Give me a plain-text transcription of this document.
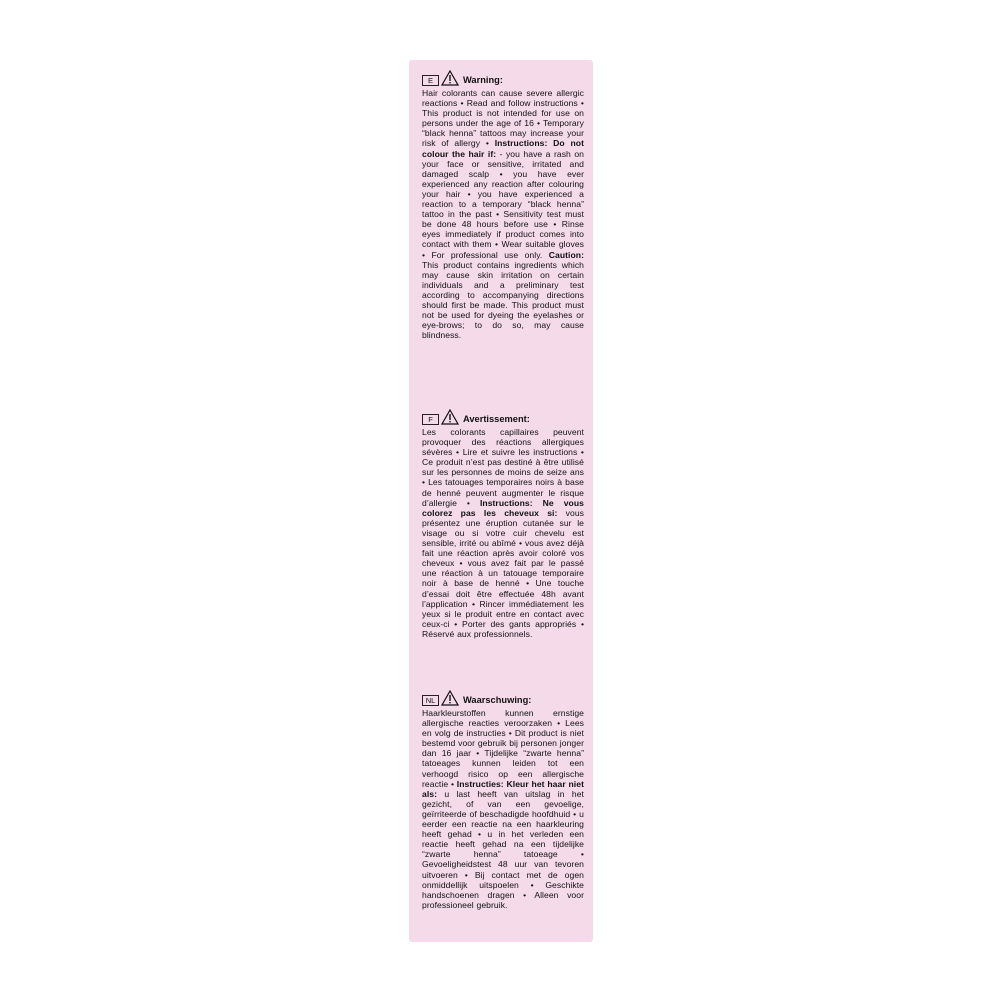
E	Warning:
Hair colorants can cause severe allergic reactions • Read and follow instructions • This product is not intended for use on persons under the age of 16 • Temporary “black henna” tattoos may increase your risk of allergy • Instructions: Do not colour the hair if: - you have a rash on your face or sensitive, irritated and damaged scalp • you have ever experienced any reaction after colouring your hair • you have experienced a reaction to a temporary “black henna” tattoo in the past • Sensitivity test must be done 48 hours before use • Rinse eyes immediately if product comes into contact with them • Wear suitable gloves • For professional use only. Caution: This product contains ingredients which may cause skin irritation on certain individuals and a preliminary test according to accompanying directions should first be made. This product must not be used for dyeing the eyelashes or eye-brows; to do so, may cause blindness.
F	Avertissement:
Les colorants capillaires peuvent provoquer des réactions allergiques sévères • Lire et suivre les instructions • Ce produit n’est pas destiné à être utilisé sur les personnes de moins de seize ans • Les tatouages temporaires noirs à base de henné peuvent augmenter le risque d’allergie • Instructions: Ne vous colorez pas les cheveux si: vous présentez une éruption cutanée sur le visage ou si votre cuir chevelu est sensible, irrité ou abîmé • vous avez déjà fait une réaction après avoir coloré vos cheveux • vous avez fait par le passé une réaction à un tatouage temporaire noir à base de henné • Une touche d’essai doit être effectuée 48h avant l’application • Rincer immédiatement les yeux si le produit entre en contact avec ceux-ci • Porter des gants appropriés • Réservé aux professionnels.
NL	Waarschuwing:
Haarkleurstoffen kunnen ernstige allergische reacties veroorzaken • Lees en volg de instructies • Dit product is niet bestemd voor gebruik bij personen jonger dan 16 jaar • Tijdelijke “zwarte henna” tatoeages kunnen leiden tot een verhoogd risico op een allergische reactie • Instructies: Kleur het haar niet als: u last heeft van uitslag in het gezicht, of van een gevoelige, geïrriteerde of beschadigde hoofdhuid • u eerder een reactie na een haarkleuring heeft gehad • u in het verleden een reactie heeft gehad na een tijdelijke “zwarte henna” tatoeage • Gevoeligheidstest 48 uur van tevoren uitvoeren • Bij contact met de ogen onmiddellijk uitspoelen • Geschikte handschoenen dragen • Alleen voor professioneel gebruik.
